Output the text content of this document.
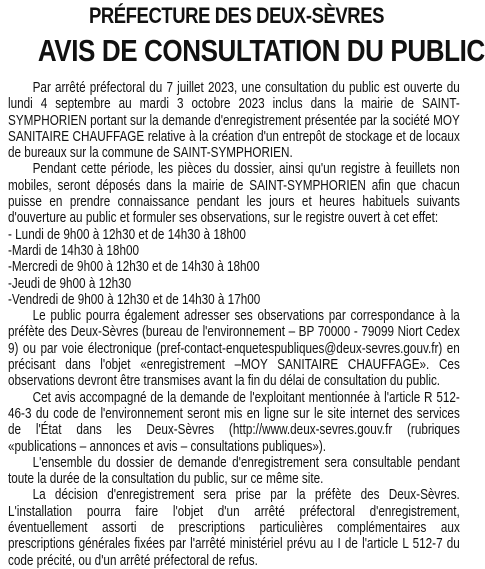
PRÉFECTURE DES DEUX-SÈVRES
AVIS DE CONSULTATION DU PUBLIC

Par arrêté préfectoral du 7 juillet 2023, une consultation du public est ouverte du lundi 4 septembre au mardi 3 octobre 2023 inclus dans la mairie de SAINT-SYMPHORIEN portant sur la demande d'enregistrement présentée par la société MOY SANITAIRE CHAUFFAGE relative à la création d'un entrepôt de stockage et de locaux de bureaux sur la commune de SAINT-SYMPHORIEN.

Pendant cette période, les pièces du dossier, ainsi qu'un registre à feuillets non mobiles, seront déposés dans la mairie de SAINT-SYMPHORIEN afin que chacun puisse en prendre connaissance pendant les jours et heures habituels suivants d'ouverture au public et formuler ses observations, sur le registre ouvert à cet effet:

- Lundi de 9h00 à 12h30 et de 14h30 à 18h00

-Mardi de 14h30 à 18h00

-Mercredi de 9h00 à 12h30 et de 14h30 à 18h00

-Jeudi de 9h00 à 12h30

-Vendredi de 9h00 à 12h30 et de 14h30 à 17h00

Le public pourra également adresser ses observations par correspondance à la préfète des Deux-Sèvres (bureau de l'environnement – BP 70000 - 79099 Niort Cedex 9) ou par voie électronique (pref-contact-enquetespubliques@deux-sevres.gouv.fr) en précisant dans l'objet «enregistrement –MOY SANITAIRE CHAUFFAGE». Ces observations devront être transmises avant la fin du délai de consultation du public.

Cet avis accompagné de la demande de l'exploitant mentionnée à l'article R 512-46-3 du code de l'environnement seront mis en ligne sur le site internet des services de l'État dans les Deux-Sèvres (http://www.deux-sevres.gouv.fr (rubriques «publications – annonces et avis – consultations publiques»).

L'ensemble du dossier de demande d'enregistrement sera consultable pendant toute la durée de la consultation du public, sur ce même site.

La décision d'enregistrement sera prise par la préfète des Deux-Sèvres. L'installation pourra faire l'objet d'un arrêté préfectoral d'enregistrement, éventuellement assorti de prescriptions particulières complémentaires aux prescriptions générales fixées par l'arrêté ministériel prévu au I de l'article L 512-7 du code précité, ou d'un arrêté préfectoral de refus.
